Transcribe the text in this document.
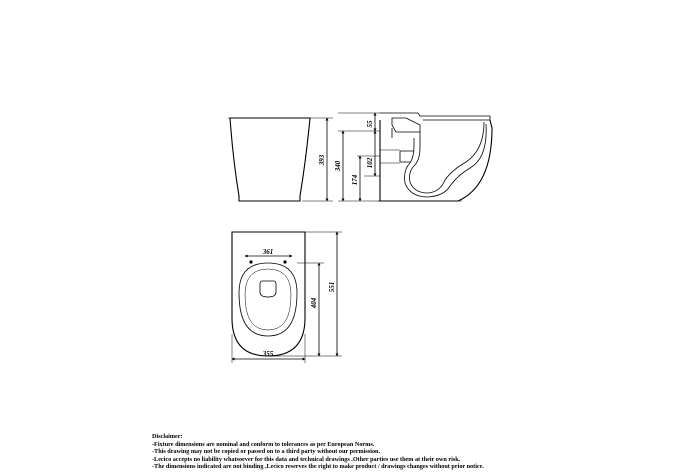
393
55
340	102
174
361
355
551
404
Disclaimer:
-Fixture dimensions are nominal and conform to tolerances as per European Norms.
-This drawing may not be copied or passed on to a third party without our permission.
-Lecico accepts no liability whatsoever for this data and technical drawings .Other parties use them at their own risk.
-The dimensions indicated are not binding ,Lecico reserves the right to make product / drawings changes without prior notice.
